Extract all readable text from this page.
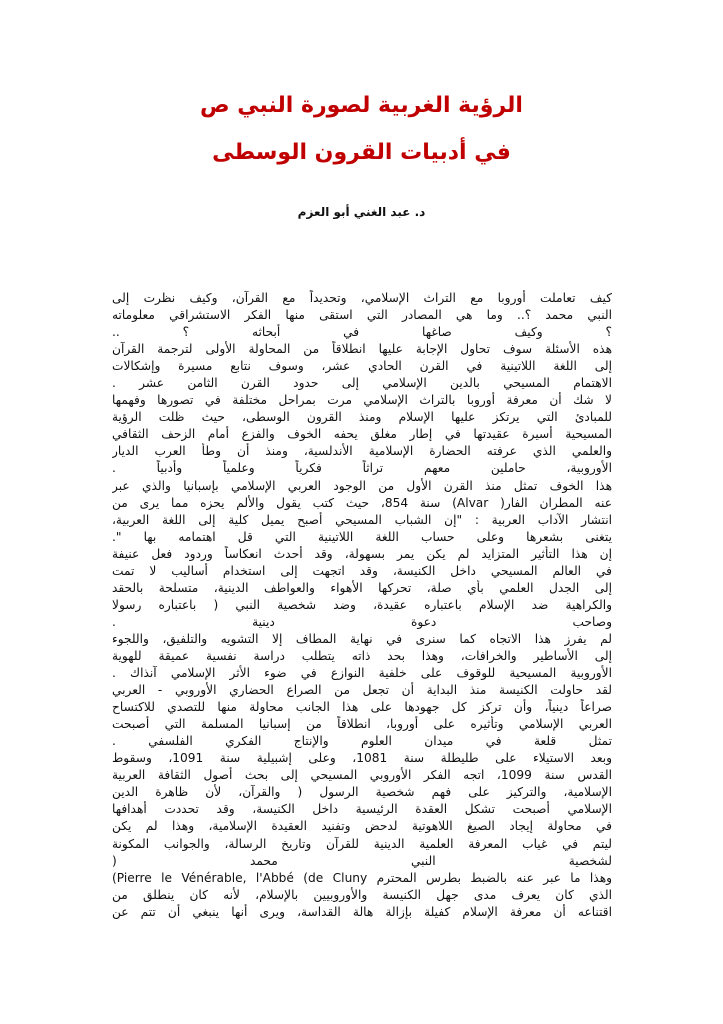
الرؤية الغربية لصورة النبي ص
في أدبيات القرون الوسطى
د. عبد الغني أبو العزم
كيف تعاملت أوروبا مع التراث الإسلامي، وتحديداً مع القرآن، وكيف نظرت إلى
النبي محمد ؟.. وما هي المصادر التي استقى منها الفكر الاستشراقي معلوماته
؟ وكيف صاغها في أبحاثه ؟ ..
هذه الأسئلة سوف تحاول الإجابة عليها انطلاقاً من المحاولة الأولى لترجمة القرآن
إلى اللغة اللاتينية في القرن الحادي عشر، وسوف نتابع مسيرة وإشكالات
الاهتمام المسيحي بالدين الإسلامي إلى حدود القرن الثامن عشر .
لا شك أن معرفة أوروبا بالتراث الإسلامي مرت بمراحل مختلفة في تصورها وفهمها
للمبادئ التي يرتكز عليها الإسلام ومنذ القرون الوسطى، حيث ظلت الرؤية
المسيحية أسيرة عقيدتها في إطار مغلق يحفه الخوف والفزع أمام الزحف الثقافي
والعلمي الذي عرفته الحضارة الإسلامية الأندلسية، ومنذ أن وطأ العرب الديار
الأوروبية، حاملين معهم تراثاً فكرياً وعلمياً وأدبياً .
هذا الخوف تمثل منذ القرن الأول من الوجود العربي الإسلامي بإسبانيا والذي عبر
عنه المطران الفار( Alvar) سنة 854، حيث كتب يقول والألم يحزه مما يرى من
انتشار الآداب العربية : "إن الشباب المسيحي أصبح يميل كلية إلى اللغة العربية،
يتغنى بشعرها وعلى حساب اللغة اللاتينية التي قل اهتمامه بها ".
إن هذا التأثير المتزايد لم يكن يمر بسهولة، وقد أحدث انعكاساً وردود فعل عنيفة
في العالم المسيحي داخل الكنيسة، وقد اتجهت إلى استخدام أساليب لا تمت
إلى الجدل العلمي بأي صلة، تحركها الأهواء والعواطف الدينية، متسلحة بالحقد
والكراهية ضد الإسلام باعتباره عقيدة، وضد شخصية النبي ( باعتباره رسولا
وصاحب دعوة دينية .
لم يفرز هذا الاتجاه كما سنرى في نهاية المطاف إلا التشويه والتلفيق، واللجوء
إلى الأساطير والخرافات، وهذا بحد ذاته يتطلب دراسة نفسية عميقة للهوية
الأوروبية المسيحية للوقوف على خلفية النوازع في ضوء الأثر الإسلامي آنذاك .
لقد حاولت الكنيسة منذ البداية أن تجعل من الصراع الحضاري الأوروبي - العربي
صراعاً دينياً، وأن تركز كل جهودها على هذا الجانب محاولة منها للتصدي للاكتساح
العربي الإسلامي وتأثيره على أوروبا، انطلاقاً من إسبانيا المسلمة التي أصبحت
تمثل قلعة في ميدان العلوم والإنتاج الفكري الفلسفي .
وبعد الاستيلاء على طليطلة سنة 1081، وعلى إشبيلية سنة 1091، وسقوط
القدس سنة 1099، اتجه الفكر الأوروبي المسيحي إلى بحث أصول الثقافة العربية
الإسلامية، والتركيز على فهم شخصية الرسول ( والقرآن، لأن ظاهرة الدين
الإسلامي أصبحت تشكل العقدة الرئيسية داخل الكنيسة، وقد تحددت أهدافها
في محاولة إيجاد الصيغ اللاهوتية لدحض وتفنيد العقيدة الإسلامية، وهذا لم يكن
ليتم في غياب المعرفة العلمية الدينية للقرآن وتاريخ الرسالة، والجوانب المكونة
لشخصية النبي محمد (
(Pierre le Vénérable, l'Abbé (de Cluny وهذا ما عبر عنه بالضبط بطرس المحترم
الذي كان يعرف مدى جهل الكنيسة والأوروبيين بالإسلام، لأنه كان ينطلق من
اقتناعه أن معرفة الإسلام كفيلة بإزالة هالة القداسة، ويرى أنها ينبغي أن تتم عن
